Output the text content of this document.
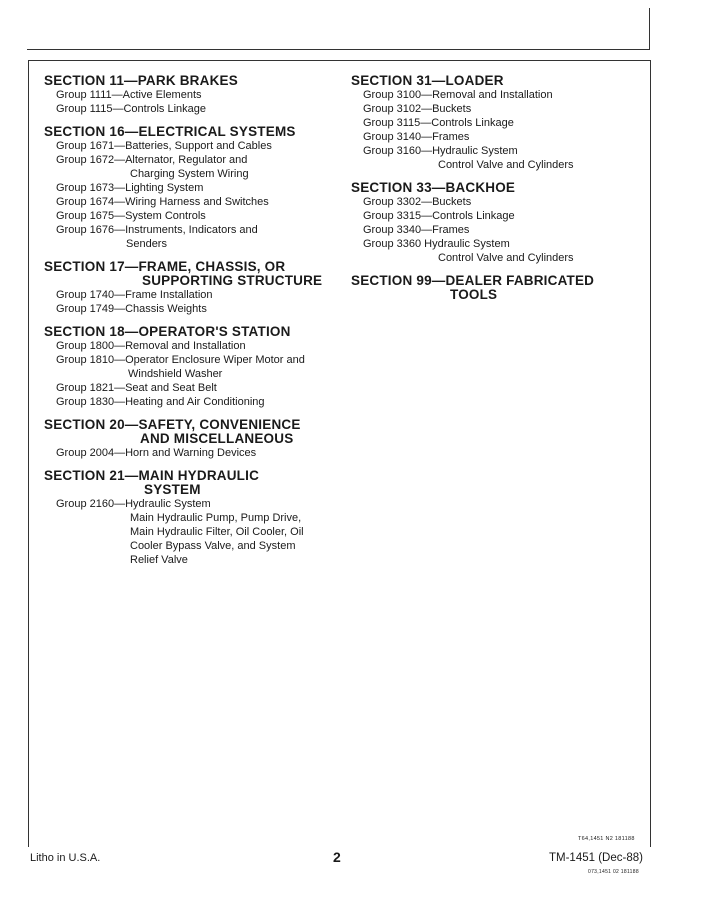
SECTION 11—PARK BRAKES
Group 1111—Active Elements
Group 1115—Controls Linkage
SECTION 16—ELECTRICAL SYSTEMS
Group 1671—Batteries, Support and Cables
Group 1672—Alternator, Regulator and
Charging System Wiring
Group 1673—Lighting System
Group 1674—Wiring Harness and Switches
Group 1675—System Controls
Group 1676—Instruments, Indicators and
Senders
SECTION 17—FRAME, CHASSIS, OR
SUPPORTING STRUCTURE
Group 1740—Frame Installation
Group 1749—Chassis Weights
SECTION 18—OPERATOR'S STATION
Group 1800—Removal and Installation
Group 1810—Operator Enclosure Wiper Motor and
Windshield Washer
Group 1821—Seat and Seat Belt
Group 1830—Heating and Air Conditioning
SECTION 20—SAFETY, CONVENIENCE
AND MISCELLANEOUS
Group 2004—Horn and Warning Devices
SECTION 21—MAIN HYDRAULIC
SYSTEM
Group 2160—Hydraulic System
Main Hydraulic Pump, Pump Drive,
Main Hydraulic Filter, Oil Cooler, Oil
Cooler Bypass Valve, and System
Relief Valve
SECTION 31—LOADER
Group 3100—Removal and Installation
Group 3102—Buckets
Group 3115—Controls Linkage
Group 3140—Frames
Group 3160—Hydraulic System
Control Valve and Cylinders
SECTION 33—BACKHOE
Group 3302—Buckets
Group 3315—Controls Linkage
Group 3340—Frames
Group 3360 Hydraulic System
Control Valve and Cylinders
SECTION 99—DEALER FABRICATED
TOOLS
T64,1451 N2 181188
Litho in U.S.A.	2	TM-1451 (Dec-88)
073,1451 02 181188
